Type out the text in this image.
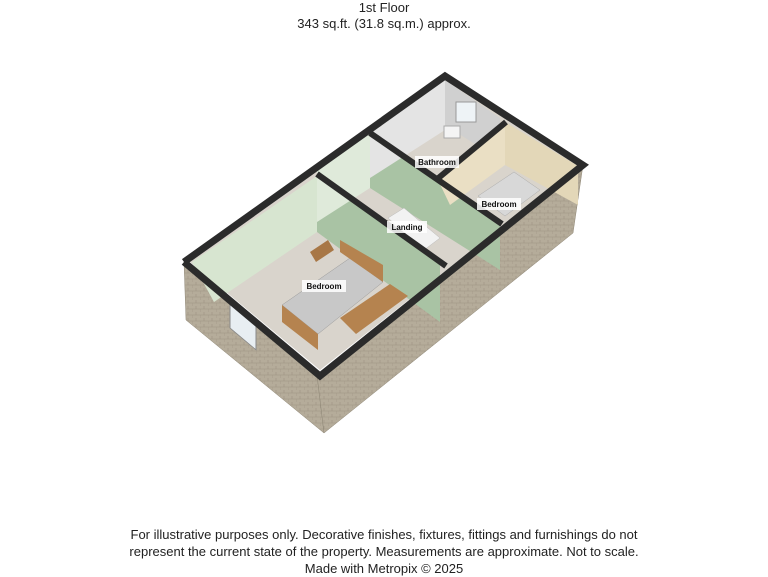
1st Floor
343 sq.ft. (31.8 sq.m.) approx.
Bathroom
Bedroom
Landing
Bedroom
For illustrative purposes only. Decorative finishes, fixtures, fittings and furnishings do not
represent the current state of the property. Measurements are approximate. Not to scale.
Made with Metropix © 2025
